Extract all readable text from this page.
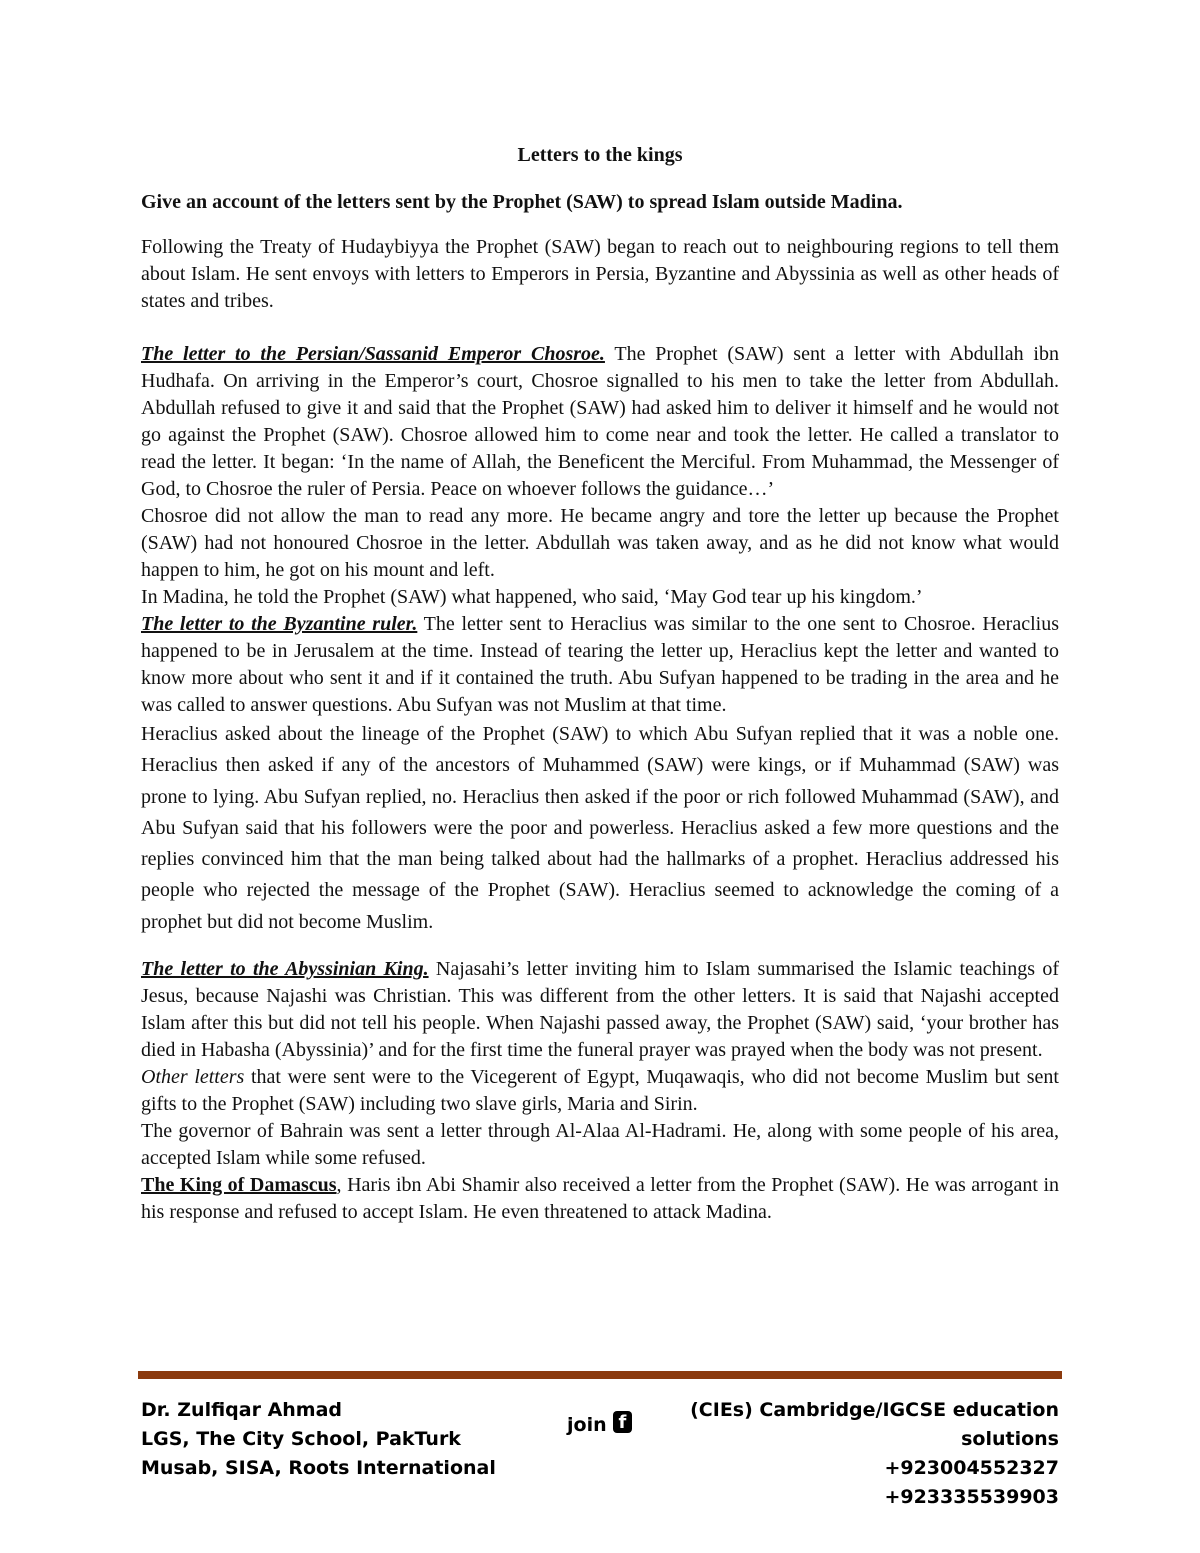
Letters to the kings
Give an account of the letters sent by the Prophet (SAW) to spread Islam outside Madina.

Following the Treaty of Hudaybiyya the Prophet (SAW) began to reach out to neighbouring regions to tell them about Islam. He sent envoys with letters to Emperors in Persia, Byzantine and Abyssinia as well as other heads of states and tribes.

The letter to the Persian/Sassanid Emperor Chosroe. The Prophet (SAW) sent a letter with Abdullah ibn Hudhafa. On arriving in the Emperor’s court, Chosroe signalled to his men to take the letter from Abdullah. Abdullah refused to give it and said that the Prophet (SAW) had asked him to deliver it himself and he would not go against the Prophet (SAW). Chosroe allowed him to come near and took the letter. He called a translator to read the letter. It began: ‘In the name of Allah, the Beneficent the Merciful. From Muhammad, the Messenger of God, to Chosroe the ruler of Persia. Peace on whoever follows the guidance…’

Chosroe did not allow the man to read any more. He became angry and tore the letter up because the Prophet (SAW) had not honoured Chosroe in the letter. Abdullah was taken away, and as he did not know what would happen to him, he got on his mount and left.

In Madina, he told the Prophet (SAW) what happened, who said, ‘May God tear up his kingdom.’

The letter to the Byzantine ruler. The letter sent to Heraclius was similar to the one sent to Chosroe. Heraclius happened to be in Jerusalem at the time. Instead of tearing the letter up, Heraclius kept the letter and wanted to know more about who sent it and if it contained the truth. Abu Sufyan happened to be trading in the area and he was called to answer questions. Abu Sufyan was not Muslim at that time.

Heraclius asked about the lineage of the Prophet (SAW) to which Abu Sufyan replied that it was a noble one. Heraclius then asked if any of the ancestors of Muhammed (SAW) were kings, or if Muhammad (SAW) was prone to lying. Abu Sufyan replied, no. Heraclius then asked if the poor or rich followed Muhammad (SAW), and Abu Sufyan said that his followers were the poor and powerless. Heraclius asked a few more questions and the replies convinced him that the man being talked about had the hallmarks of a prophet. Heraclius addressed his people who rejected the message of the Prophet (SAW). Heraclius seemed to acknowledge the coming of a prophet but did not become Muslim.

The letter to the Abyssinian King. Najasahi’s letter inviting him to Islam summarised the Islamic teachings of Jesus, because Najashi was Christian. This was different from the other letters. It is said that Najashi accepted Islam after this but did not tell his people. When Najashi passed away, the Prophet (SAW) said, ‘your brother has died in Habasha (Abyssinia)’ and for the first time the funeral prayer was prayed when the body was not present.

Other letters that were sent were to the Vicegerent of Egypt, Muqawaqis, who did not become Muslim but sent gifts to the Prophet (SAW) including two slave girls, Maria and Sirin.

The governor of Bahrain was sent a letter through Al-Alaa Al-Hadrami. He, along with some people of his area, accepted Islam while some refused.

The King of Damascus, Haris ibn Abi Shamir also received a letter from the Prophet (SAW). He was arrogant in his response and refused to accept Islam. He even threatened to attack Madina.

Dr. Zulfiqar Ahmad
LGS, The City School, PakTurk
Musab, SISA, Roots International
join f
(CIEs) Cambridge/IGCSE education solutions
+923004552327
+923335539903
